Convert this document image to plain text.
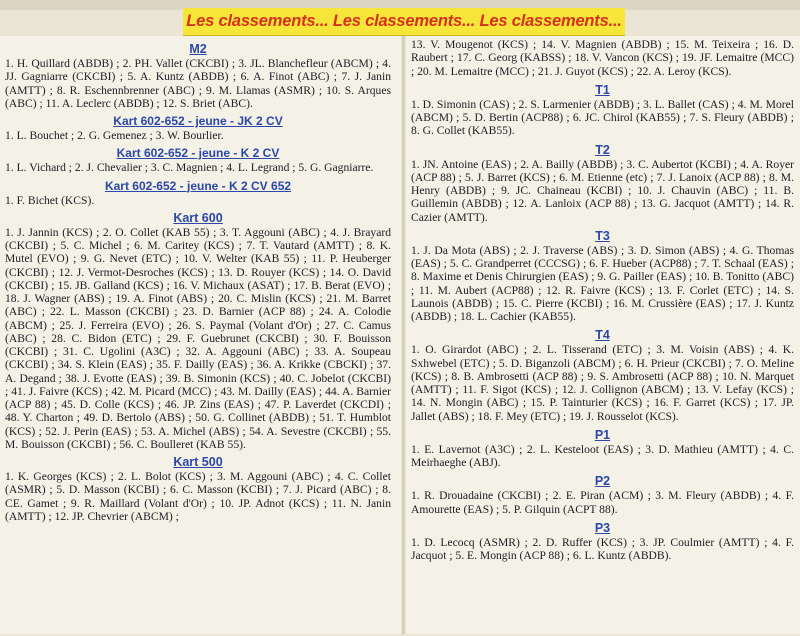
Les classements... Les classements... Les classements...
M2
1. H. Quillard (ABDB) ; 2. PH. Vallet (CKCBI) ; 3. JL. Blanchefleur (ABCM) ; 4. JJ. Gagniarre (CKCBI) ; 5. A. Kuntz (ABDB) ; 6. A. Finot (ABC) ; 7. J. Janin (AMTT) ; 8. R. Eschennbrenner (ABC) ; 9. M. Llamas (ASMR) ; 10. S. Arques (ABC) ; 11. A. Leclerc (ABDB) ; 12. S. Briet (ABC).
Kart 602-652 - jeune - JK 2 CV
1. L. Bouchet ; 2. G. Gemenez ; 3. W. Bourlier.
Kart 602-652 - jeune - K 2 CV
1. L. Vichard ; 2. J. Chevalier ; 3. C. Magnien ; 4. L. Legrand ; 5. G. Gagniarre.
Kart 602-652 - jeune - K 2 CV 652
1. F. Bichet (KCS).
Kart 600
1. J. Jannin (KCS) ; 2. O. Collet (KAB 55) ; 3. T. Aggouni (ABC) ; 4. J. Brayard (CKCBI) ; 5. C. Michel ; 6. M. Caritey (KCS) ; 7. T. Vautard (AMTT) ; 8. K. Mutel (EVO) ; 9. G. Nevet (ETC) ; 10. V. Welter (KAB 55) ; 11. P. Heuberger (CKCBI) ; 12. J. Vermot-Desroches (KCS) ; 13. D. Rouyer (KCS) ; 14. O. David (CKCBI) ; 15. JB. Galland (KCS) ; 16. V. Michaux (ASAT) ; 17. B. Berat (EVO) ; 18. J. Wagner (ABS) ; 19. A. Finot (ABS) ; 20. C. Mislin (KCS) ; 21. M. Barret (ABC) ; 22. L. Masson (CKCBI) ; 23. D. Barnier (ACP 88) ; 24. A. Colodie (ABCM) ; 25. J. Ferreira (EVO) ; 26. S. Paymal (Volant d'Or) ; 27. C. Camus (ABC) ; 28. C. Bidon (ETC) ; 29. F. Guebrunet (CKCBI) ; 30. F. Bouisson (CKCBI) ; 31. C. Ugolini (A3C) ; 32. A. Aggouni (ABC) ; 33. A. Soupeau (CKCBI) ; 34. S. Klein (EAS) ; 35. F. Dailly (EAS) ; 36. A. Krikke (CBCKI) ; 37. A. Degand ; 38. J. Evotte (EAS) ; 39. B. Simonin (KCS) ; 40. C. Jobelot (CKCBI) ; 41. J. Faivre (KCS) ; 42. M. Picard (MCC) ; 43. M. Dailly (EAS) ; 44. A. Barnier (ACP 88) ; 45. D. Colle (KCS) ; 46. JP. Zins (EAS) ; 47. P. Laverdet (CKCDI) ; 48. Y. Charton ; 49. D. Bertolo (ABS) ; 50. G. Collinet (ABDB) ; 51. T. Humblot (KCS) ; 52. J. Perin (EAS) ; 53. A. Michel (ABS) ; 54. A. Sevestre (CKCBI) ; 55. M. Bouisson (CKCBI) ; 56. C. Boulleret (KAB 55).
Kart 500
1. K. Georges (KCS) ; 2. L. Bolot (KCS) ; 3. M. Aggouni (ABC) ; 4. C. Collet (ASMR) ; 5. D. Masson (KCBI) ; 6. C. Masson (KCBI) ; 7. J. Picard (ABC) ; 8. CE. Gamet ; 9. R. Maillard (Volant d'Or) ; 10. JP. Adnot (KCS) ; 11. N. Janin (AMTT) ; 12. JP. Chevrier (ABCM) ;
13. V. Mougenot (KCS) ; 14. V. Magnien (ABDB) ; 15. M. Teixeira ; 16. D. Raubert ; 17. C. Georg (KABSS) ; 18. V. Vancon (KCS) ; 19. JF. Lemaitre (MCC) ; 20. M. Lemaitre (MCC) ; 21. J. Guyot (KCS) ; 22. A. Leroy (KCS).
T1
1. D. Simonin (CAS) ; 2. S. Larmenier (ABDB) ; 3. L. Ballet (CAS) ; 4. M. Morel (ABCM) ; 5. D. Bertin (ACP88) ; 6. JC. Chirol (KAB55) ; 7. S. Fleury (ABDB) ; 8. G. Collet (KAB55).
T2
1. JN. Antoine (EAS) ; 2. A. Bailly (ABDB) ; 3. C. Aubertot (KCBI) ; 4. A. Royer (ACP 88) ; 5. J. Barret (KCS) ; 6. M. Etienne (etc) ; 7. J. Lanoix (ACP 88) ; 8. M. Henry (ABDB) ; 9. JC. Chaineau (KCBI) ; 10. J. Chauvin (ABC) ; 11. B. Guillemin (ABDB) ; 12. A. Lanloix (ACP 88) ; 13. G. Jacquot (AMTT) ; 14. R. Cazier (AMTT).
T3
1. J. Da Mota (ABS) ; 2. J. Traverse (ABS) ; 3. D. Simon (ABS) ; 4. G. Thomas (EAS) ; 5. C. Grandperret (CCCSG) ; 6. F. Hueber (ACP88) ; 7. T. Schaal (EAS) ; 8. Maxime et Denis Chirurgien (EAS) ; 9. G. Pailler (EAS) ; 10. B. Tonitto (ABC) ; 11. M. Aubert (ACP88) ; 12. R. Faivre (KCS) ; 13. F. Corlet (ETC) ; 14. S. Launois (ABDB) ; 15. C. Pierre (KCBI) ; 16. M. Crussière (EAS) ; 17. J. Kuntz (ABDB) ; 18. L. Cachier (KAB55).
T4
1. O. Girardot (ABC) ; 2. L. Tisserand (ETC) ; 3. M. Voisin (ABS) ; 4. K. Sxhwebel (ETC) ; 5. D. Biganzoli (ABCM) ; 6. H. Prieur (CKCBI) ; 7. O. Meline (KCS) ; 8. B. Ambrosetti (ACP 88) ; 9. S. Ambrosetti (ACP 88) ; 10. N. Marquet (AMTT) ; 11. F. Sigot (KCS) ; 12. J. Collignon (ABCM) ; 13. V. Lefay (KCS) ; 14. N. Mongin (ABC) ; 15. P. Tainturier (KCS) ; 16. F. Garret (KCS) ; 17. JP. Jallet (ABS) ; 18. F. Mey (ETC) ; 19. J. Rousselot (KCS).
P1
1. E. Lavernot (A3C) ; 2. L. Kesteloot (EAS) ; 3. D. Mathieu (AMTT) ; 4. C. Meirhaeghe (ABJ).
P2
1. R. Drouadaine (CKCBI) ; 2. E. Piran (ACM) ; 3. M. Fleury (ABDB) ; 4. F. Amourette (EAS) ; 5. P. Gilquin (ACPT 88).
P3
1. D. Lecocq (ASMR) ; 2. D. Ruffer (KCS) ; 3. JP. Coulmier (AMTT) ; 4. F. Jacquot ; 5. E. Mongin (ACP 88) ; 6. L. Kuntz (ABDB).
